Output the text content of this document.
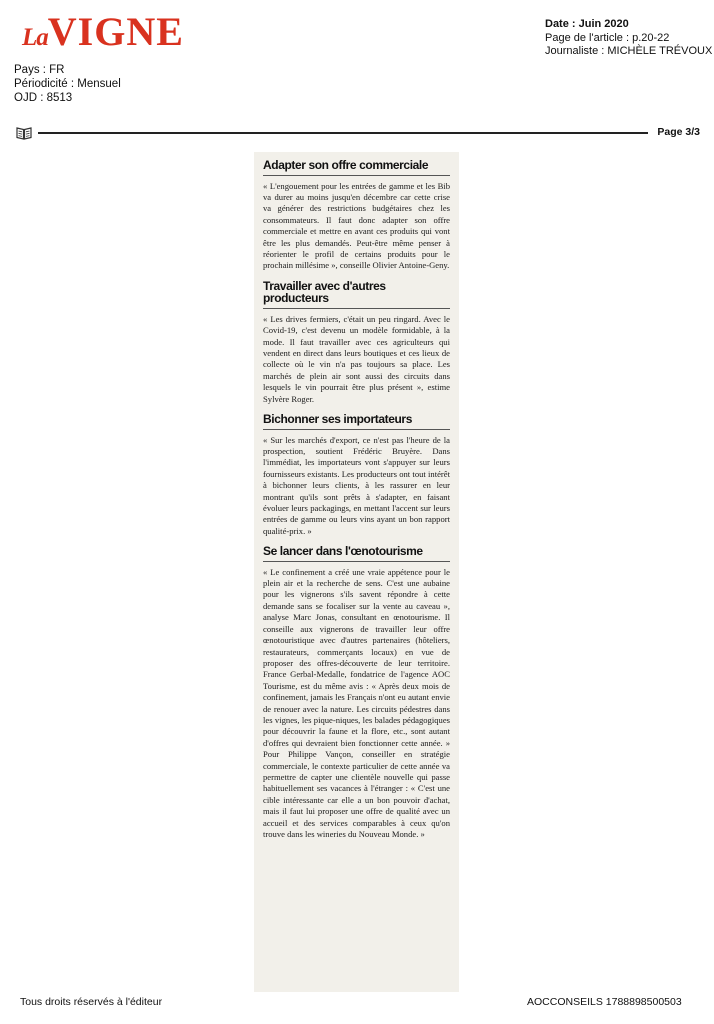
LaVIGNE
Pays : FR
Périodicité : Mensuel
OJD : 8513
Date : Juin 2020
Page de l'article : p.20-22
Journaliste : MICHÈLE TRÉVOUX
Page 3/3
Adapter son offre commerciale

« L'engouement pour les entrées de gamme et les Bib va durer au moins jusqu'en décembre car cette crise va générer des restrictions budgétaires chez les consommateurs. Il faut donc adapter son offre commerciale et mettre en avant ces produits qui vont être les plus demandés. Peut-être même penser à réorienter le profil de certains produits pour le prochain millésime », conseille Olivier Antoine-Geny.

Travailler avec d'autres producteurs

« Les drives fermiers, c'était un peu ringard. Avec le Covid-19, c'est devenu un modèle formidable, à la mode. Il faut travailler avec ces agriculteurs qui vendent en direct dans leurs boutiques et ces lieux de collecte où le vin n'a pas toujours sa place. Les marchés de plein air sont aussi des circuits dans lesquels le vin pourrait être plus présent », estime Sylvère Roger.

Bichonner ses importateurs

« Sur les marchés d'export, ce n'est pas l'heure de la prospection, soutient Frédéric Bruyère. Dans l'immédiat, les importateurs vont s'appuyer sur leurs fournisseurs existants. Les producteurs ont tout intérêt à bichonner leurs clients, à les rassurer en leur montrant qu'ils sont prêts à s'adapter, en faisant évoluer leurs packagings, en mettant l'accent sur leurs entrées de gamme ou leurs vins ayant un bon rapport qualité-prix. »

Se lancer dans l'œnotourisme

« Le confinement a créé une vraie appétence pour le plein air et la recherche de sens. C'est une aubaine pour les vignerons s'ils savent répondre à cette demande sans se focaliser sur la vente au caveau », analyse Marc Jonas, consultant en œnotourisme. Il conseille aux vignerons de travailler leur offre œnotouristique avec d'autres partenaires (hôteliers, restaurateurs, commerçants locaux) en vue de proposer des offres-découverte de leur territoire. France Gerbal-Medalle, fondatrice de l'agence AOC Tourisme, est du même avis : « Après deux mois de confinement, jamais les Français n'ont eu autant envie de renouer avec la nature. Les circuits pédestres dans les vignes, les pique-niques, les balades pédagogiques pour découvrir la faune et la flore, etc., sont autant d'offres qui devraient bien fonctionner cette année. » Pour Philippe Vançon, conseiller en stratégie commerciale, le contexte particulier de cette année va permettre de capter une clientèle nouvelle qui passe habituellement ses vacances à l'étranger : « C'est une cible intéressante car elle a un bon pouvoir d'achat, mais il faut lui proposer une offre de qualité avec un accueil et des services comparables à ceux qu'on trouve dans les wineries du Nouveau Monde. »

Tous droits réservés à l'éditeur	AOCCONSEILS 1788898500503
